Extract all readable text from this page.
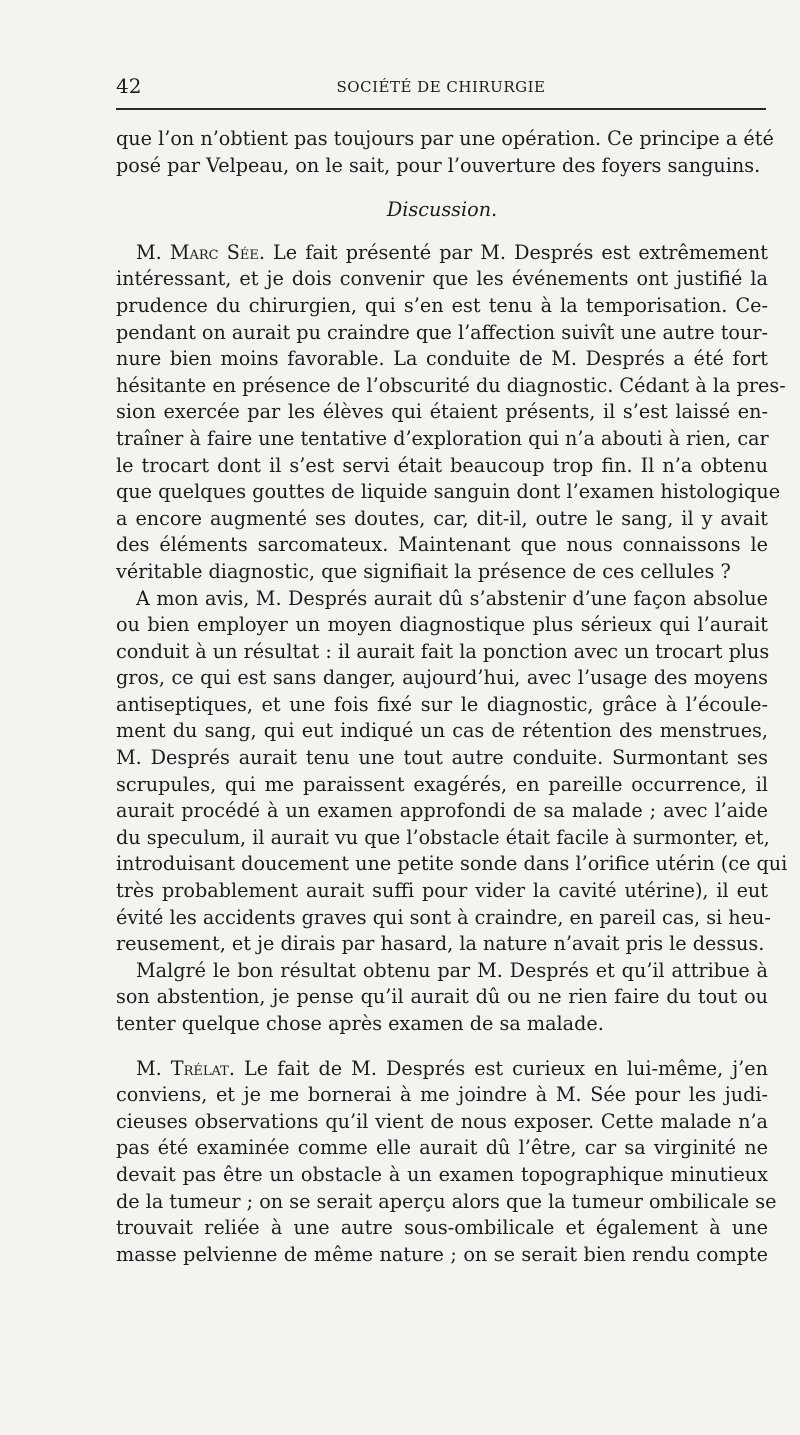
42	SOCIÉTÉ DE CHIRURGIE
que l’on n’obtient pas toujours par une opération. Ce principe a été
posé par Velpeau, on le sait, pour l’ouverture des foyers sanguins.
Discussion.
M. Marc Sée. Le fait présenté par M. Després est extrêmement
intéressant, et je dois convenir que les événements ont justifié la
prudence du chirurgien, qui s’en est tenu à la temporisation. Ce-
pendant on aurait pu craindre que l’affection suivît une autre tour-
nure bien moins favorable. La conduite de M. Després a été fort
hésitante en présence de l’obscurité du diagnostic. Cédant à la pres-
sion exercée par les élèves qui étaient présents, il s’est laissé en-
traîner à faire une tentative d’exploration qui n’a abouti à rien, car
le trocart dont il s’est servi était beaucoup trop fin. Il n’a obtenu
que quelques gouttes de liquide sanguin dont l’examen histologique
a encore augmenté ses doutes, car, dit-il, outre le sang, il y avait
des éléments sarcomateux. Maintenant que nous connaissons le
véritable diagnostic, que signifiait la présence de ces cellules ?
A mon avis, M. Després aurait dû s’abstenir d’une façon absolue
ou bien employer un moyen diagnostique plus sérieux qui l’aurait
conduit à un résultat : il aurait fait la ponction avec un trocart plus
gros, ce qui est sans danger, aujourd’hui, avec l’usage des moyens
antiseptiques, et une fois fixé sur le diagnostic, grâce à l’écoule-
ment du sang, qui eut indiqué un cas de rétention des menstrues,
M. Després aurait tenu une tout autre conduite. Surmontant ses
scrupules, qui me paraissent exagérés, en pareille occurrence, il
aurait procédé à un examen approfondi de sa malade ; avec l’aide
du speculum, il aurait vu que l’obstacle était facile à surmonter, et,
introduisant doucement une petite sonde dans l’orifice utérin (ce qui
très probablement aurait suffi pour vider la cavité utérine), il eut
évité les accidents graves qui sont à craindre, en pareil cas, si heu-
reusement, et je dirais par hasard, la nature n’avait pris le dessus.
Malgré le bon résultat obtenu par M. Després et qu’il attribue à
son abstention, je pense qu’il aurait dû ou ne rien faire du tout ou
tenter quelque chose après examen de sa malade.
M. Trélat. Le fait de M. Després est curieux en lui-même, j’en
conviens, et je me bornerai à me joindre à M. Sée pour les judi-
cieuses observations qu’il vient de nous exposer. Cette malade n’a
pas été examinée comme elle aurait dû l’être, car sa virginité ne
devait pas être un obstacle à un examen topographique minutieux
de la tumeur ; on se serait aperçu alors que la tumeur ombilicale se
trouvait reliée à une autre sous-ombilicale et également à une
masse pelvienne de même nature ; on se serait bien rendu compte
